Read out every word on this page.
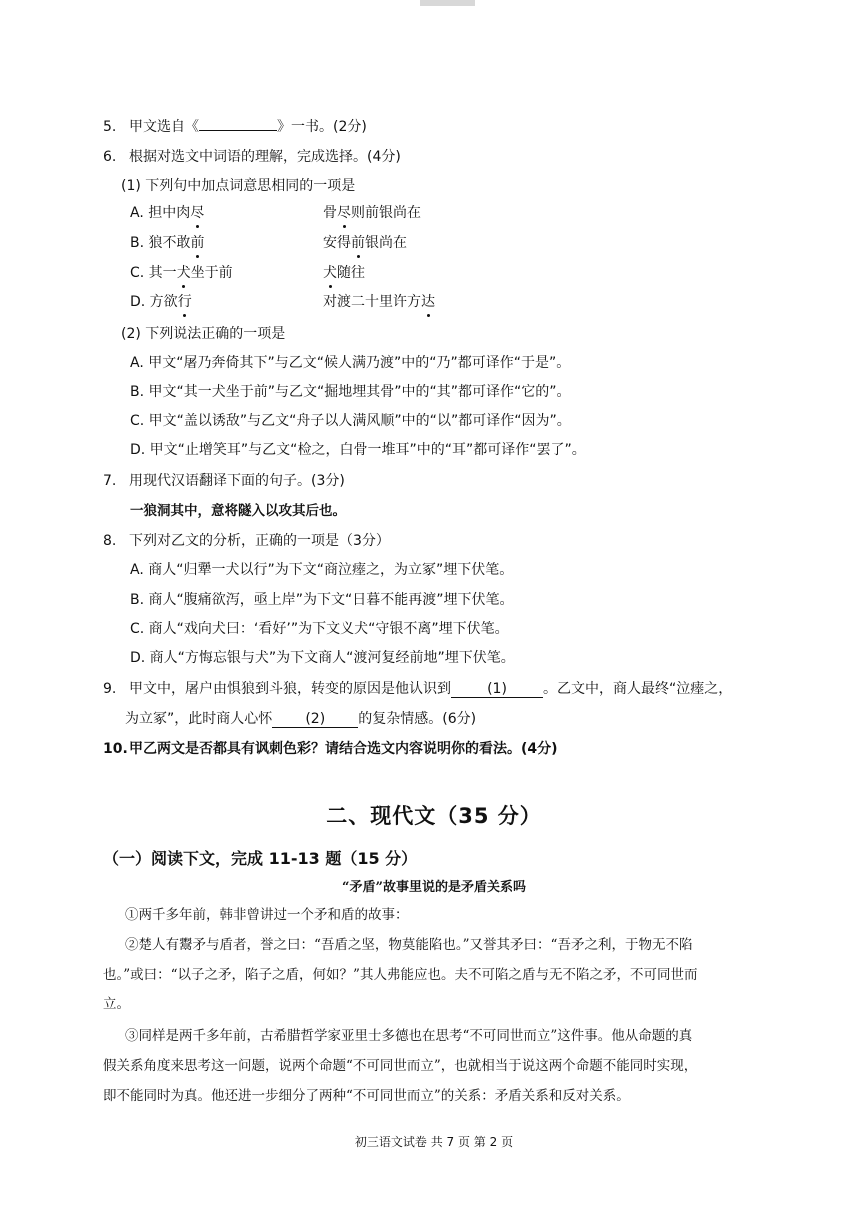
5. 甲文选自《	》一书。(2分)
6. 根据对选文中词语的理解，完成选择。(4分)
(1) 下列句中加点词意思相同的一项是
A. 担中肉尽	骨尽则前银尚在
B. 狼不敢前	安得前银尚在
C. 其一犬坐于前	犬随往
D. 方欲行	对渡二十里许方达
(2) 下列说法正确的一项是
A. 甲文“屠乃奔倚其下”与乙文“候人满乃渡”中的“乃”都可译作“于是”。
B. 甲文“其一犬坐于前”与乙文“掘地埋其骨”中的“其”都可译作“它的”。
C. 甲文“盖以诱敌”与乙文“舟子以人满风顺”中的“以”都可译作“因为”。
D. 甲文“止增笑耳”与乙文“检之，白骨一堆耳”中的“耳”都可译作“罢了”。
7. 用现代汉语翻译下面的句子。(3分)
一狼洞其中，意将隧入以攻其后也。
8. 下列对乙文的分析，正确的一项是（3分）
A. 商人“归犟一犬以行”为下文“商泣瘗之，为立冢”埋下伏笔。
B. 商人“腹痛欲泻，亟上岸”为下文“日暮不能再渡”埋下伏笔。
C. 商人“戏向犬曰：‘看好’”为下文义犬“守银不离”埋下伏笔。
D. 商人“方悔忘银与犬”为下文商人“渡河复经前地”埋下伏笔。
9. 甲文中，屠户由惧狼到斗狼，转变的原因是他认识到	(1)	。乙文中，商人最终“泣瘗之，
为立冢”，此时商人心怀 (2) 的复杂情感。(6分)
10.甲乙两文是否都具有讽刺色彩？请结合选文内容说明你的看法。(4分)
二、现代文（35 分）
（一）阅读下文，完成 11-13 题（15 分）
“矛盾”故事里说的是矛盾关系吗
①两千多年前，韩非曾讲过一个矛和盾的故事：
②楚人有鬻矛与盾者，誉之曰：“吾盾之坚，物莫能陷也。”又誉其矛曰：“吾矛之利，于物无不陷
也。”或曰：“以子之矛，陷子之盾，何如？”其人弗能应也。夫不可陷之盾与无不陷之矛，不可同世而
立。
③同样是两千多年前，古希腊哲学家亚里士多德也在思考“不可同世而立”这件事。他从命题的真
假关系角度来思考这一问题，说两个命题“不可同世而立”，也就相当于说这两个命题不能同时实现，
即不能同时为真。他还进一步细分了两种“不可同世而立”的关系：矛盾关系和反对关系。
初三语文试卷 共 7 页 第 2 页
